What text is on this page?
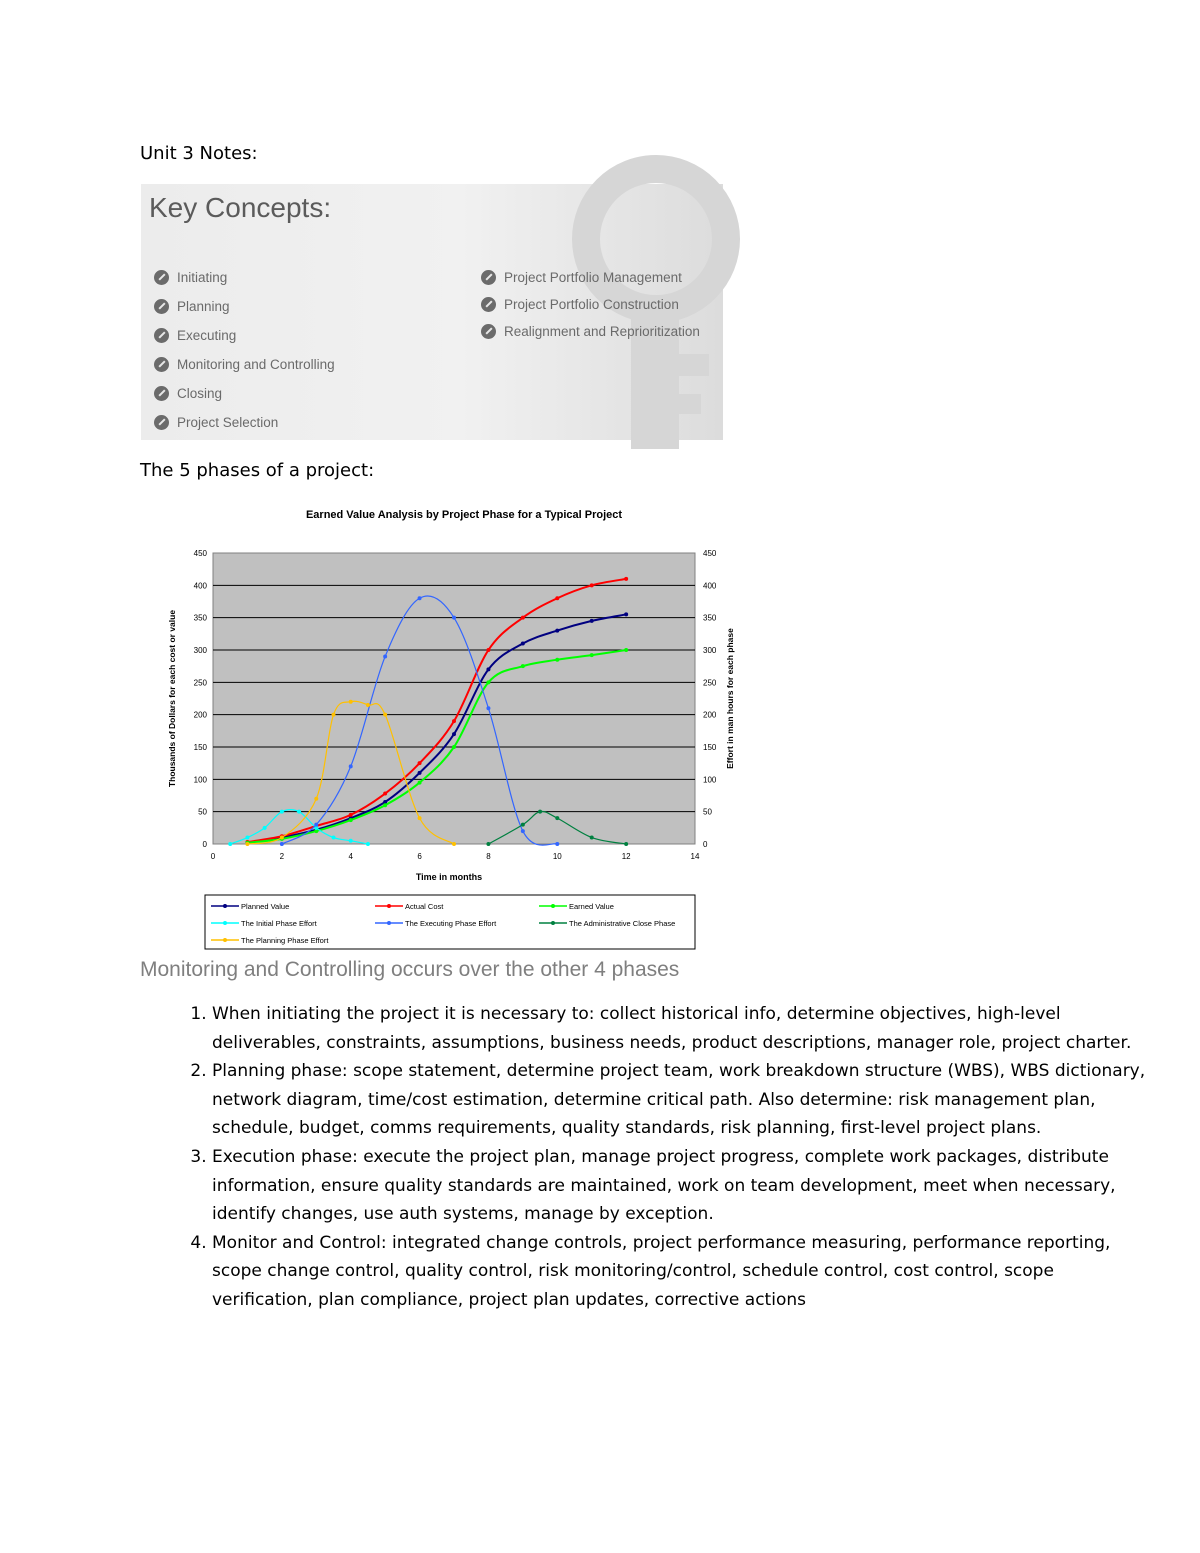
Unit 3 Notes:
Key Concepts:
Initiating
Planning
Executing
Monitoring and Controlling
Closing
Project Selection
Project Portfolio Management
Project Portfolio Construction
Realignment and Reprioritization
The 5 phases of a project:
Earned Value Analysis by Project Phase for a Typical Project
0	0
50	50
100	100
150	150
200	200
250	250
300	300
350	350
400	400
450	450
0	2	4	6	8	10	12	14
Time in months
Thousands of Dollars for each cost or value	Effort in man hours for each phase
Planned Value	Actual Cost	Earned Value
The Initial Phase Effort	The Executing Phase Effort	The Administrative Close Phase
The Planning Phase Effort
Monitoring and Controlling occurs over the other 4 phases
1. When initiating the project it is necessary to: collect historical info, determine objectives, high-level deliverables, constraints, assumptions, business needs, product descriptions, manager role, project charter.
2. Planning phase: scope statement, determine project team, work breakdown structure (WBS), WBS dictionary, network diagram, time/cost estimation, determine critical path. Also determine: risk management plan, schedule, budget, comms requirements, quality standards, risk planning, first-level project plans.
3. Execution phase: execute the project plan, manage project progress, complete work packages, distribute information, ensure quality standards are maintained, work on team development, meet when necessary, identify changes, use auth systems, manage by exception.
4. Monitor and Control: integrated change controls, project performance measuring, performance reporting, scope change control, quality control, risk monitoring/control, schedule control, cost control, scope verification, plan compliance, project plan updates, corrective actions
